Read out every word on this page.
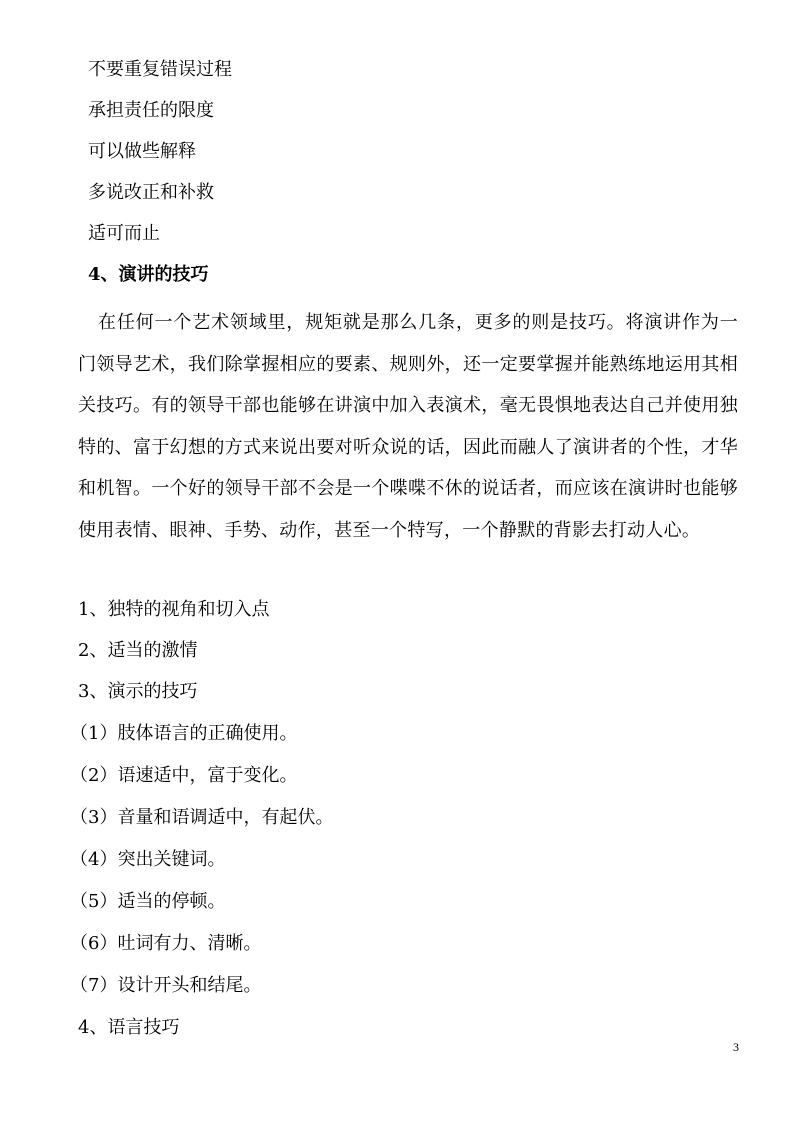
不要重复错误过程
承担责任的限度
可以做些解释
多说改正和补救
适可而止
4、演讲的技巧
在任何一个艺术领域里，规矩就是那么几条，更多的则是技巧。将演讲作为一门领导艺术，我们除掌握相应的要素、规则外，还一定要掌握并能熟练地运用其相关技巧。有的领导干部也能够在讲演中加入表演术，毫无畏惧地表达自己并使用独特的、富于幻想的方式来说出要对听众说的话，因此而融人了演讲者的个性，才华和机智。一个好的领导干部不会是一个喋喋不休的说话者，而应该在演讲时也能够使用表情、眼神、手势、动作，甚至一个特写，一个静默的背影去打动人心。
1、独特的视角和切入点
2、适当的激情
3、演示的技巧
（1）肢体语言的正确使用。
（2）语速适中，富于变化。
（3）音量和语调适中，有起伏。
（4）突出关键词。
（5）适当的停顿。
（6）吐词有力、清晰。
（7）设计开头和结尾。
4、语言技巧
3
